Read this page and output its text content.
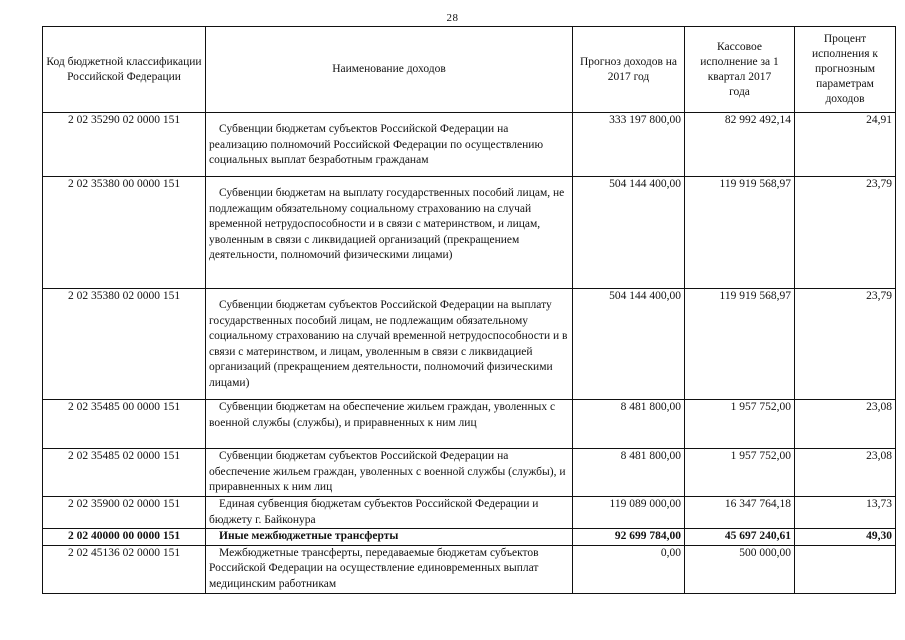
28
Код бюджетной классификации Российской Федерации	Наименование доходов	Прогноз доходов на 2017 год	Кассовое исполнение за 1 квартал 2017 года	Процент исполнения к прогнозным параметрам доходов
2 02 35290 02 0000 151	Субвенции бюджетам субъектов Российской Федерации на реализацию полномочий Российской Федерации по осуществлению социальных выплат безработным гражданам	333 197 800,00	82 992 492,14	24,91
2 02 35380 00 0000 151	Субвенции бюджетам на выплату государственных пособий лицам, не подлежащим обязательному социальному страхованию на случай временной нетрудоспособности и в связи с материнством, и лицам, уволенным в связи с ликвидацией организаций (прекращением деятельности, полномочий физическими лицами)	504 144 400,00	119 919 568,97	23,79
2 02 35380 02 0000 151	Субвенции бюджетам субъектов Российской Федерации на выплату государственных пособий лицам, не подлежащим обязательному социальному страхованию на случай временной нетрудоспособности и в связи с материнством, и лицам, уволенным в связи с ликвидацией организаций (прекращением деятельности, полномочий физическими лицами)	504 144 400,00	119 919 568,97	23,79
2 02 35485 00 0000 151	Субвенции бюджетам на обеспечение жильем граждан, уволенных с военной службы (службы), и приравненных к ним лиц	8 481 800,00	1 957 752,00	23,08
2 02 35485 02 0000 151	Субвенции бюджетам субъектов Российской Федерации на обеспечение жильем граждан, уволенных с военной службы (службы), и приравненных к ним лиц	8 481 800,00	1 957 752,00	23,08
2 02 35900 02 0000 151	Единая субвенция бюджетам субъектов Российской Федерации и бюджету г. Байконура	119 089 000,00	16 347 764,18	13,73
2 02 40000 00 0000 151	Иные межбюджетные трансферты	92 699 784,00	45 697 240,61	49,30
2 02 45136 02 0000 151	Межбюджетные трансферты, передаваемые бюджетам субъектов Российской Федерации на осуществление единовременных выплат медицинским работникам	0,00	500 000,00	
